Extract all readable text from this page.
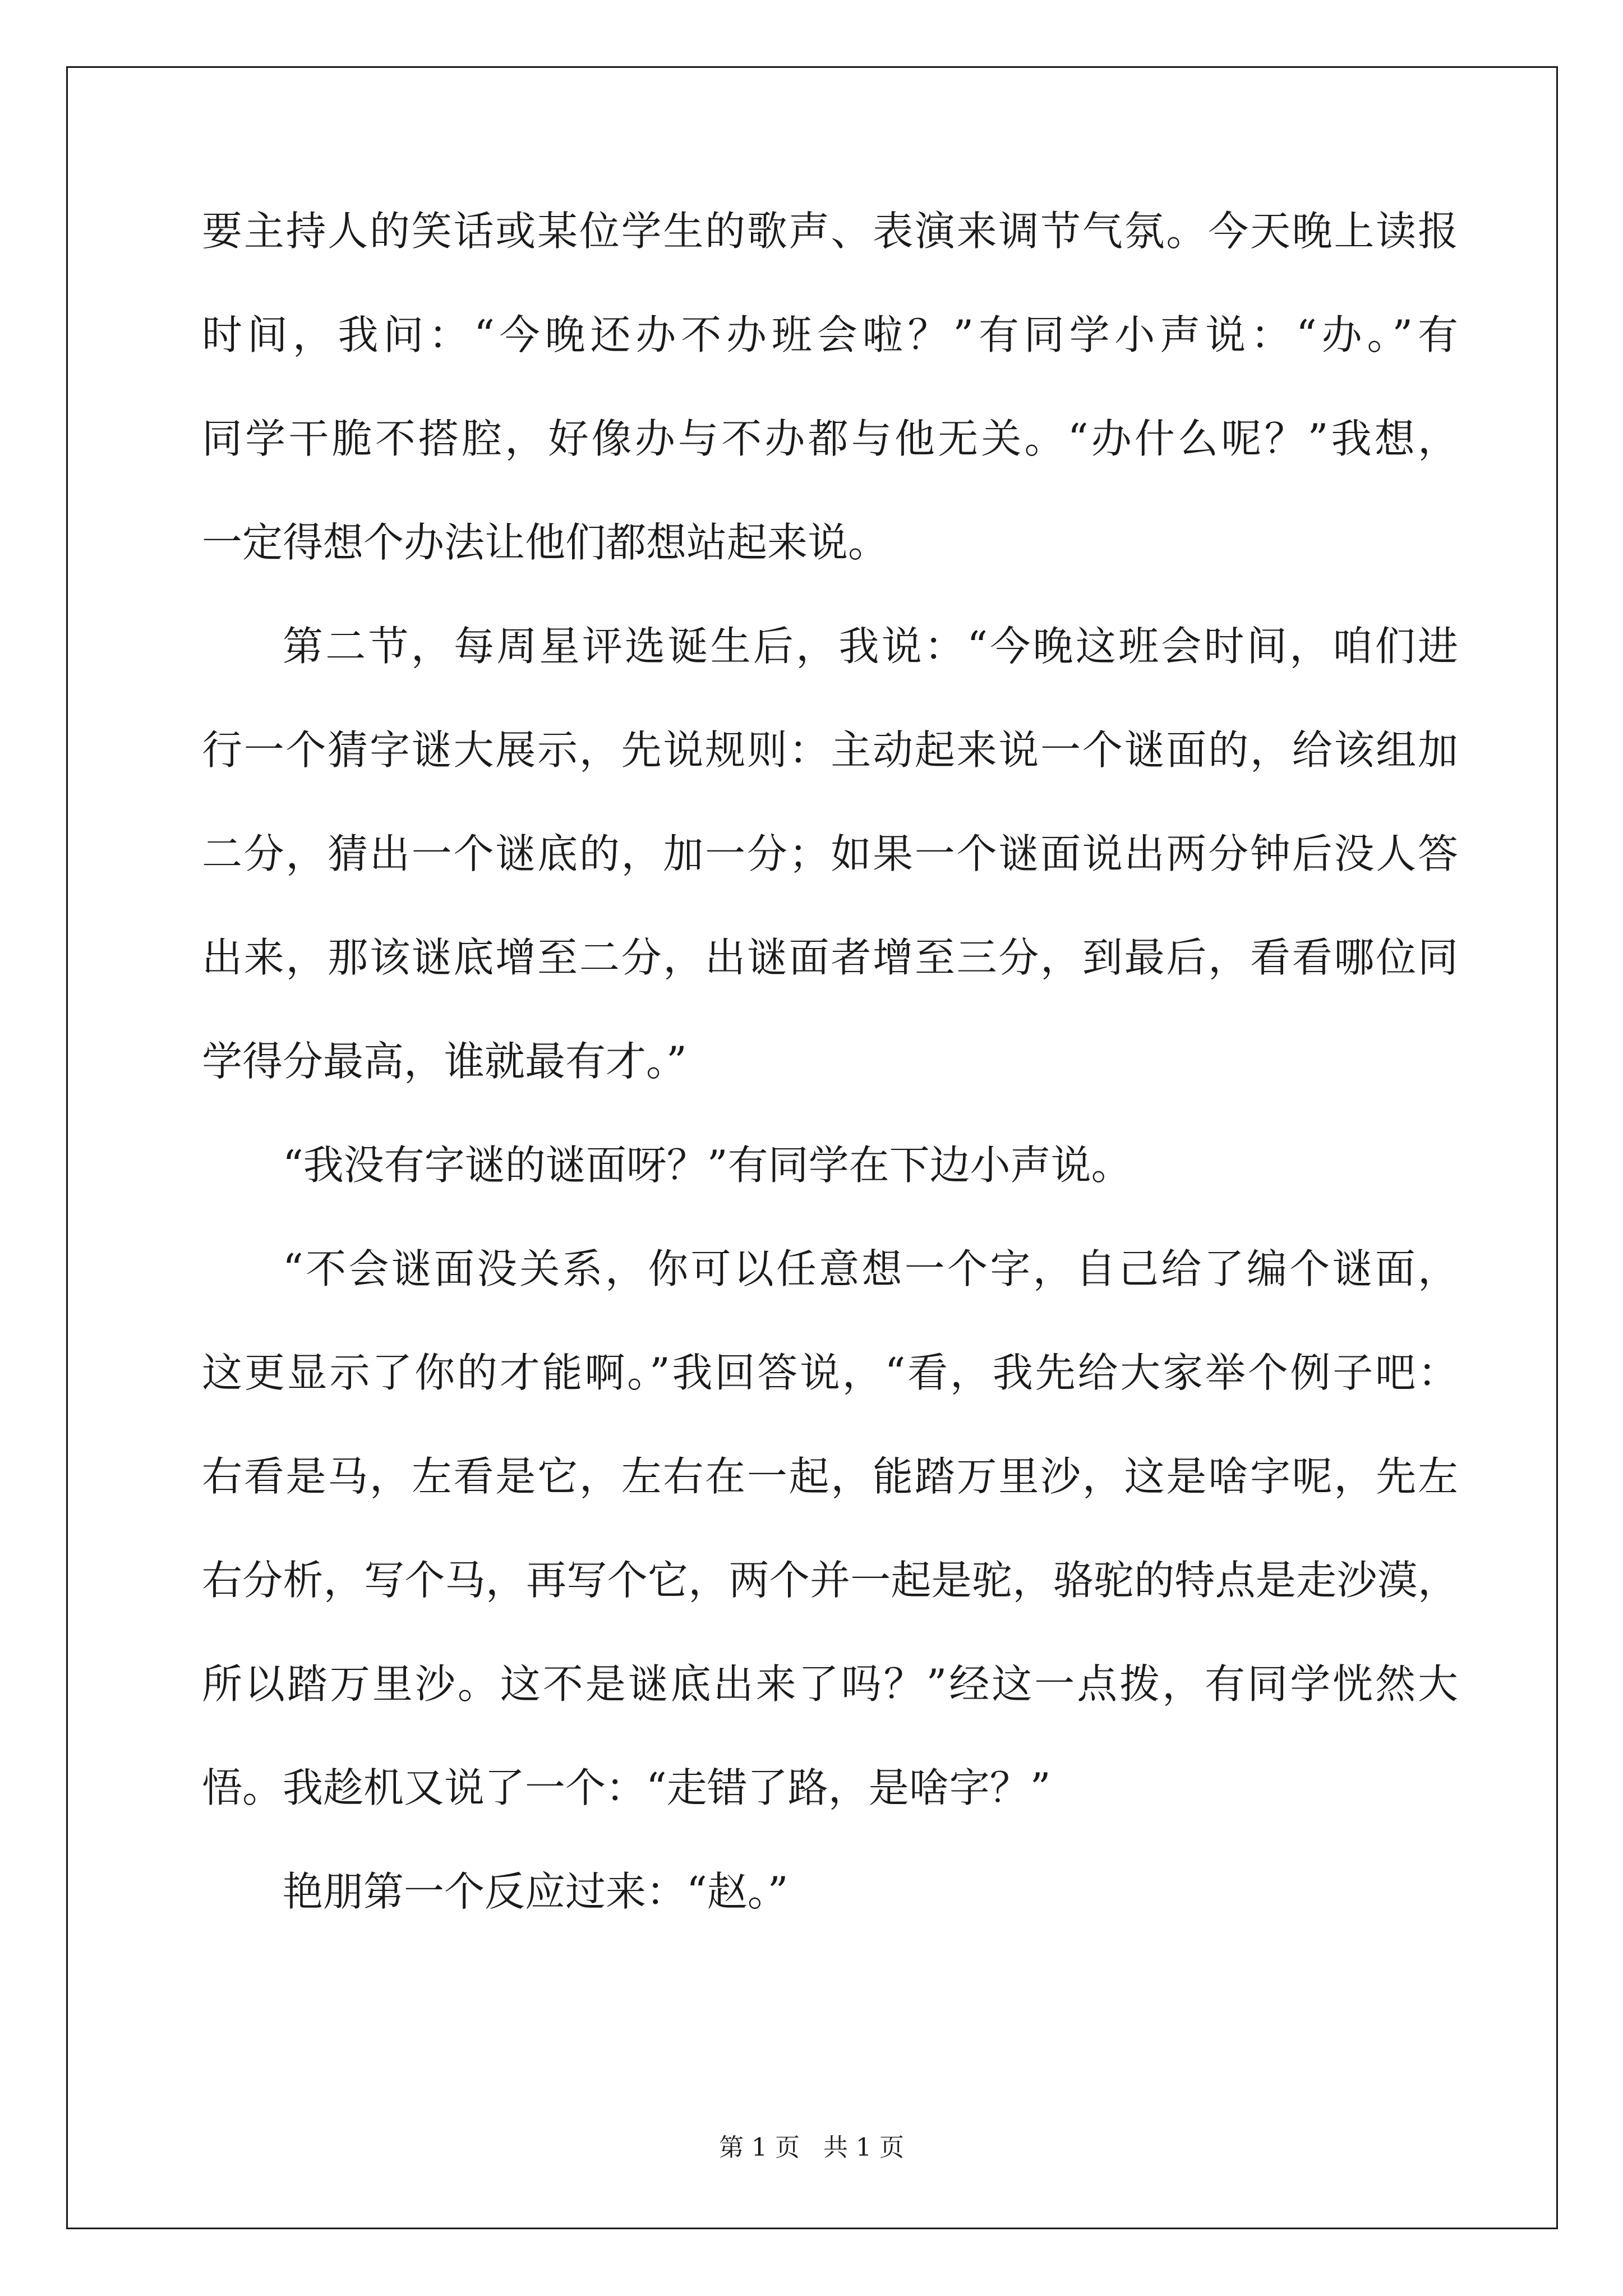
要主持人的笑话或某位学生的歌声、表演来调节气氛。今天晚上读报
时间，我问：“今晚还办不办班会啦？”有同学小声说：“办。”有
同学干脆不搭腔，好像办与不办都与他无关。“办什么呢？”我想，
一定得想个办法让他们都想站起来说。
第二节，每周星评选诞生后，我说：“今晚这班会时间，咱们进
行一个猜字谜大展示，先说规则：主动起来说一个谜面的，给该组加
二分，猜出一个谜底的，加一分；如果一个谜面说出两分钟后没人答
出来，那该谜底增至二分，出谜面者增至三分，到最后，看看哪位同
学得分最高，谁就最有才。”
“我没有字谜的谜面呀？”有同学在下边小声说。
“不会谜面没关系，你可以任意想一个字，自己给了编个谜面，
这更显示了你的才能啊。”我回答说，“看，我先给大家举个例子吧：
右看是马，左看是它，左右在一起，能踏万里沙，这是啥字呢，先左
右分析，写个马，再写个它，两个并一起是驼，骆驼的特点是走沙漠，
所以踏万里沙。这不是谜底出来了吗？”经这一点拨，有同学恍然大
悟。我趁机又说了一个：“走错了路，是啥字？”
艳朋第一个反应过来：“赵。”
第 1 页   共 1 页
